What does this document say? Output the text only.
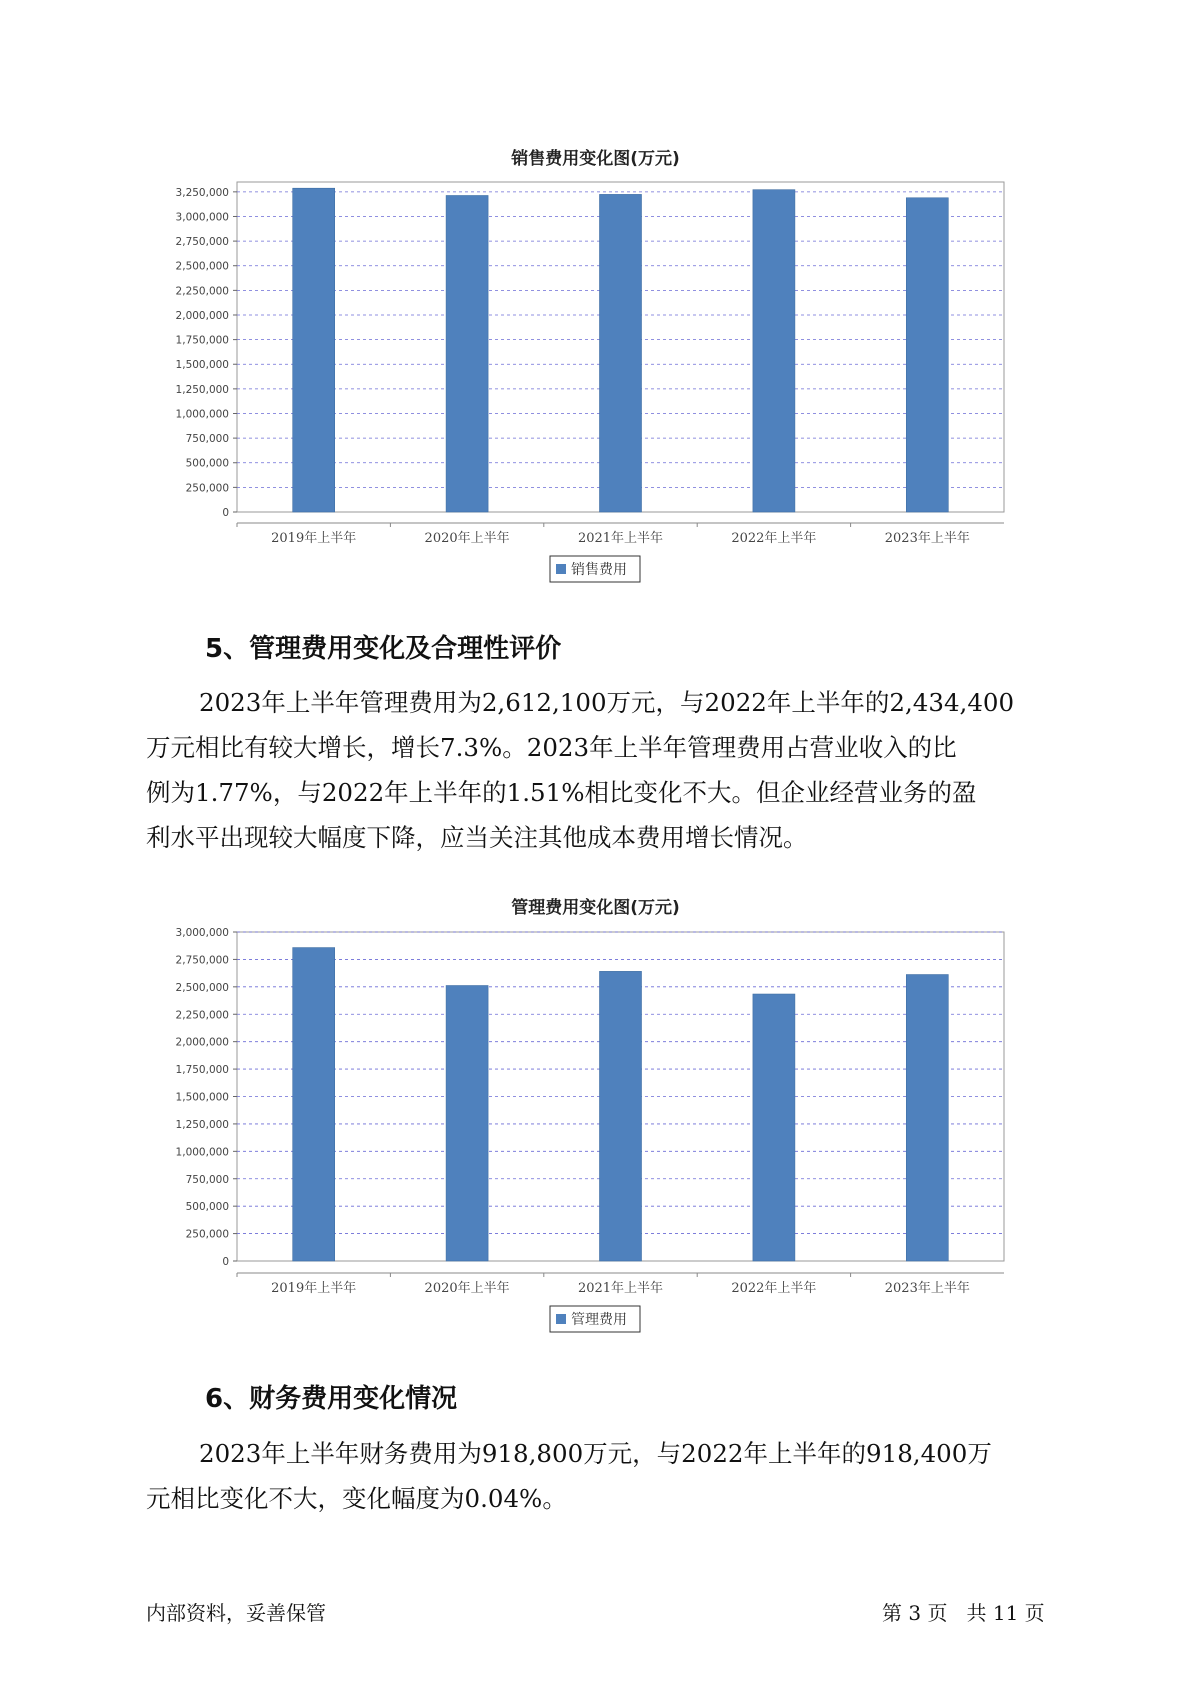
销售费用变化图(万元)
0
250,000
500,000
750,000
1,000,000
1,250,000
1,500,000
1,750,000
2,000,000
2,250,000
2,500,000
2,750,000
3,000,000
3,250,000
2019年上半年	2020年上半年	2021年上半年	2022年上半年	2023年上半年
销售费用
5、管理费用变化及合理性评价
2023年上半年管理费用为2,612,100万元，与2022年上半年的2,434,400
万元相比有较大增长，增长7.3%。2023年上半年管理费用占营业收入的比
例为1.77%，与2022年上半年的1.51%相比变化不大。但企业经营业务的盈
利水平出现较大幅度下降，应当关注其他成本费用增长情况。
管理费用变化图(万元)
0
250,000
500,000
750,000
1,000,000
1,250,000
1,500,000
1,750,000
2,000,000
2,250,000
2,500,000
2,750,000
3,000,000
2019年上半年	2020年上半年	2021年上半年	2022年上半年	2023年上半年
管理费用
6、财务费用变化情况
2023年上半年财务费用为918,800万元，与2022年上半年的918,400万
元相比变化不大，变化幅度为0.04%。
内部资料，妥善保管	第 3 页   共 11 页
